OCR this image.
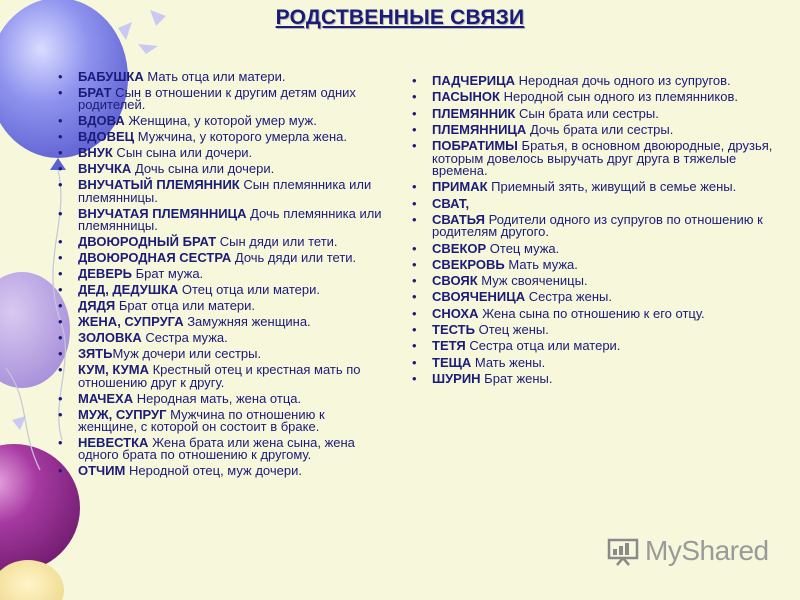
РОДСТВЕННЫЕ СВЯЗИ
• БАБУШКА Мать отца или матери.
• БРАТ Сын в отношении к другим детям одних родителей.
• ВДОВА Женщина, у которой умер муж.
• ВДОВЕЦ Мужчина, у которого умерла жена.
• ВНУК Сын сына или дочери.
• ВНУЧКА Дочь сына или дочери.
• ВНУЧАТЫЙ ПЛЕМЯННИК Сын племянника или племянницы.
• ВНУЧАТАЯ ПЛЕМЯННИЦА Дочь племянника или племянницы.
• ДВОЮРОДНЫЙ БРАТ Сын дяди или тети.
• ДВОЮРОДНАЯ СЕСТРА Дочь дяди или тети.
• ДЕВЕРЬ Брат мужа.
• ДЕД, ДЕДУШКА Отец отца или матери.
• ДЯДЯ Брат отца или матери.
• ЖЕНА, СУПРУГА Замужняя женщина.
• ЗОЛОВКА Сестра мужа.
• ЗЯТЬМуж дочери или сестры.
• КУМ, КУМА Крестный отец и крестная мать по отношению друг к другу.
• МАЧЕХА Неродная мать, жена отца.
• МУЖ, СУПРУГ Мужчина по отношению к женщине, с которой он состоит в браке.
• НЕВЕСТКА Жена брата или жена сына, жена одного брата по отношению к другому.
• ОТЧИМ Неродной отец, муж дочери.
• ПАДЧЕРИЦА Неродная дочь одного из супругов.
• ПАСЫНОК Неродной сын одного из племянников.
• ПЛЕМЯННИК Сын брата или сестры.
• ПЛЕМЯННИЦА Дочь брата или сестры.
• ПОБРАТИМЫ Братья, в основном двоюродные, друзья, которым довелось выручать друг друга в тяжелые времена.
• ПРИМАК Приемный зять, живущий в семье жены.
• СВАТ,
• СВАТЬЯ Родители одного из супругов по отношению к родителям другого.
• СВЕКОР Отец мужа.
• СВЕКРОВЬ Мать мужа.
• СВОЯК Муж свояченицы.
• СВОЯЧЕНИЦА Сестра жены.
• СНОХА Жена сына по отношению к его отцу.
• ТЕСТЬ Отец жены.
• ТЕТЯ Сестра отца или матери.
• ТЕЩА Мать жены.
• ШУРИН Брат жены.
MyShared
